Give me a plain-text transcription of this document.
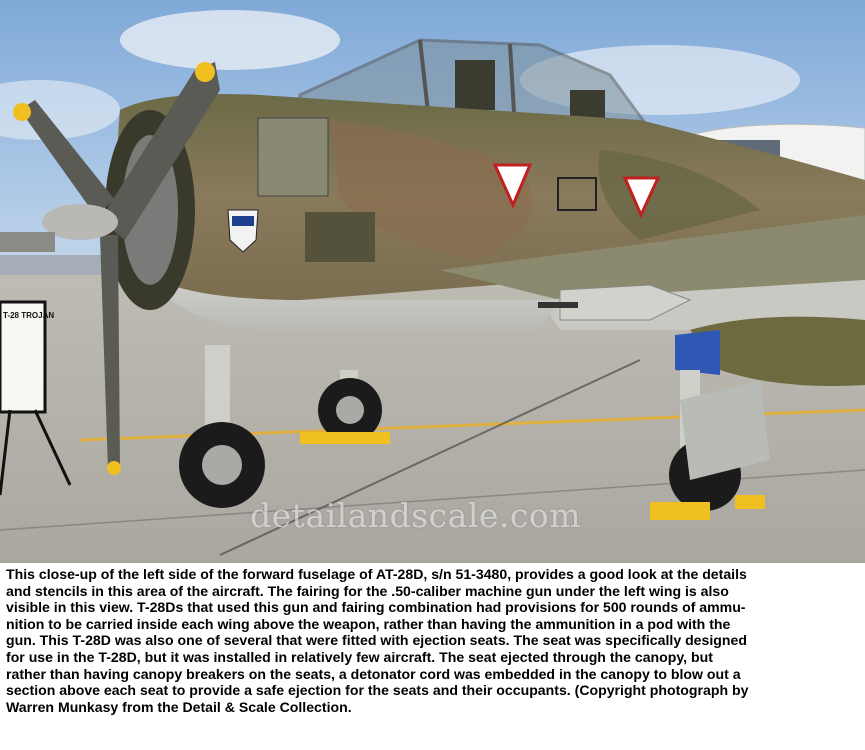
T-28 TROJAN
detailandscale.com

This close-up of the left side of the forward fuselage of AT-28D, s/n 51-3480, provides a good look at the details
and stencils in this area of the aircraft. The fairing for the .50-caliber machine gun under the left wing is also
visible in this view. T-28Ds that used this gun and fairing combination had provisions for 500 rounds of ammu-
nition to be carried inside each wing above the weapon, rather than having the ammunition in a pod with the
gun. This T-28D was also one of several that were fitted with ejection seats. The seat was specifically designed
for use in the T-28D, but it was installed in relatively few aircraft. The seat ejected through the canopy, but
rather than having canopy breakers on the seats, a detonator cord was embedded in the canopy to blow out a
section above each seat to provide a safe ejection for the seats and their occupants. (Copyright photograph by
Warren Munkasy from the Detail & Scale Collection.
